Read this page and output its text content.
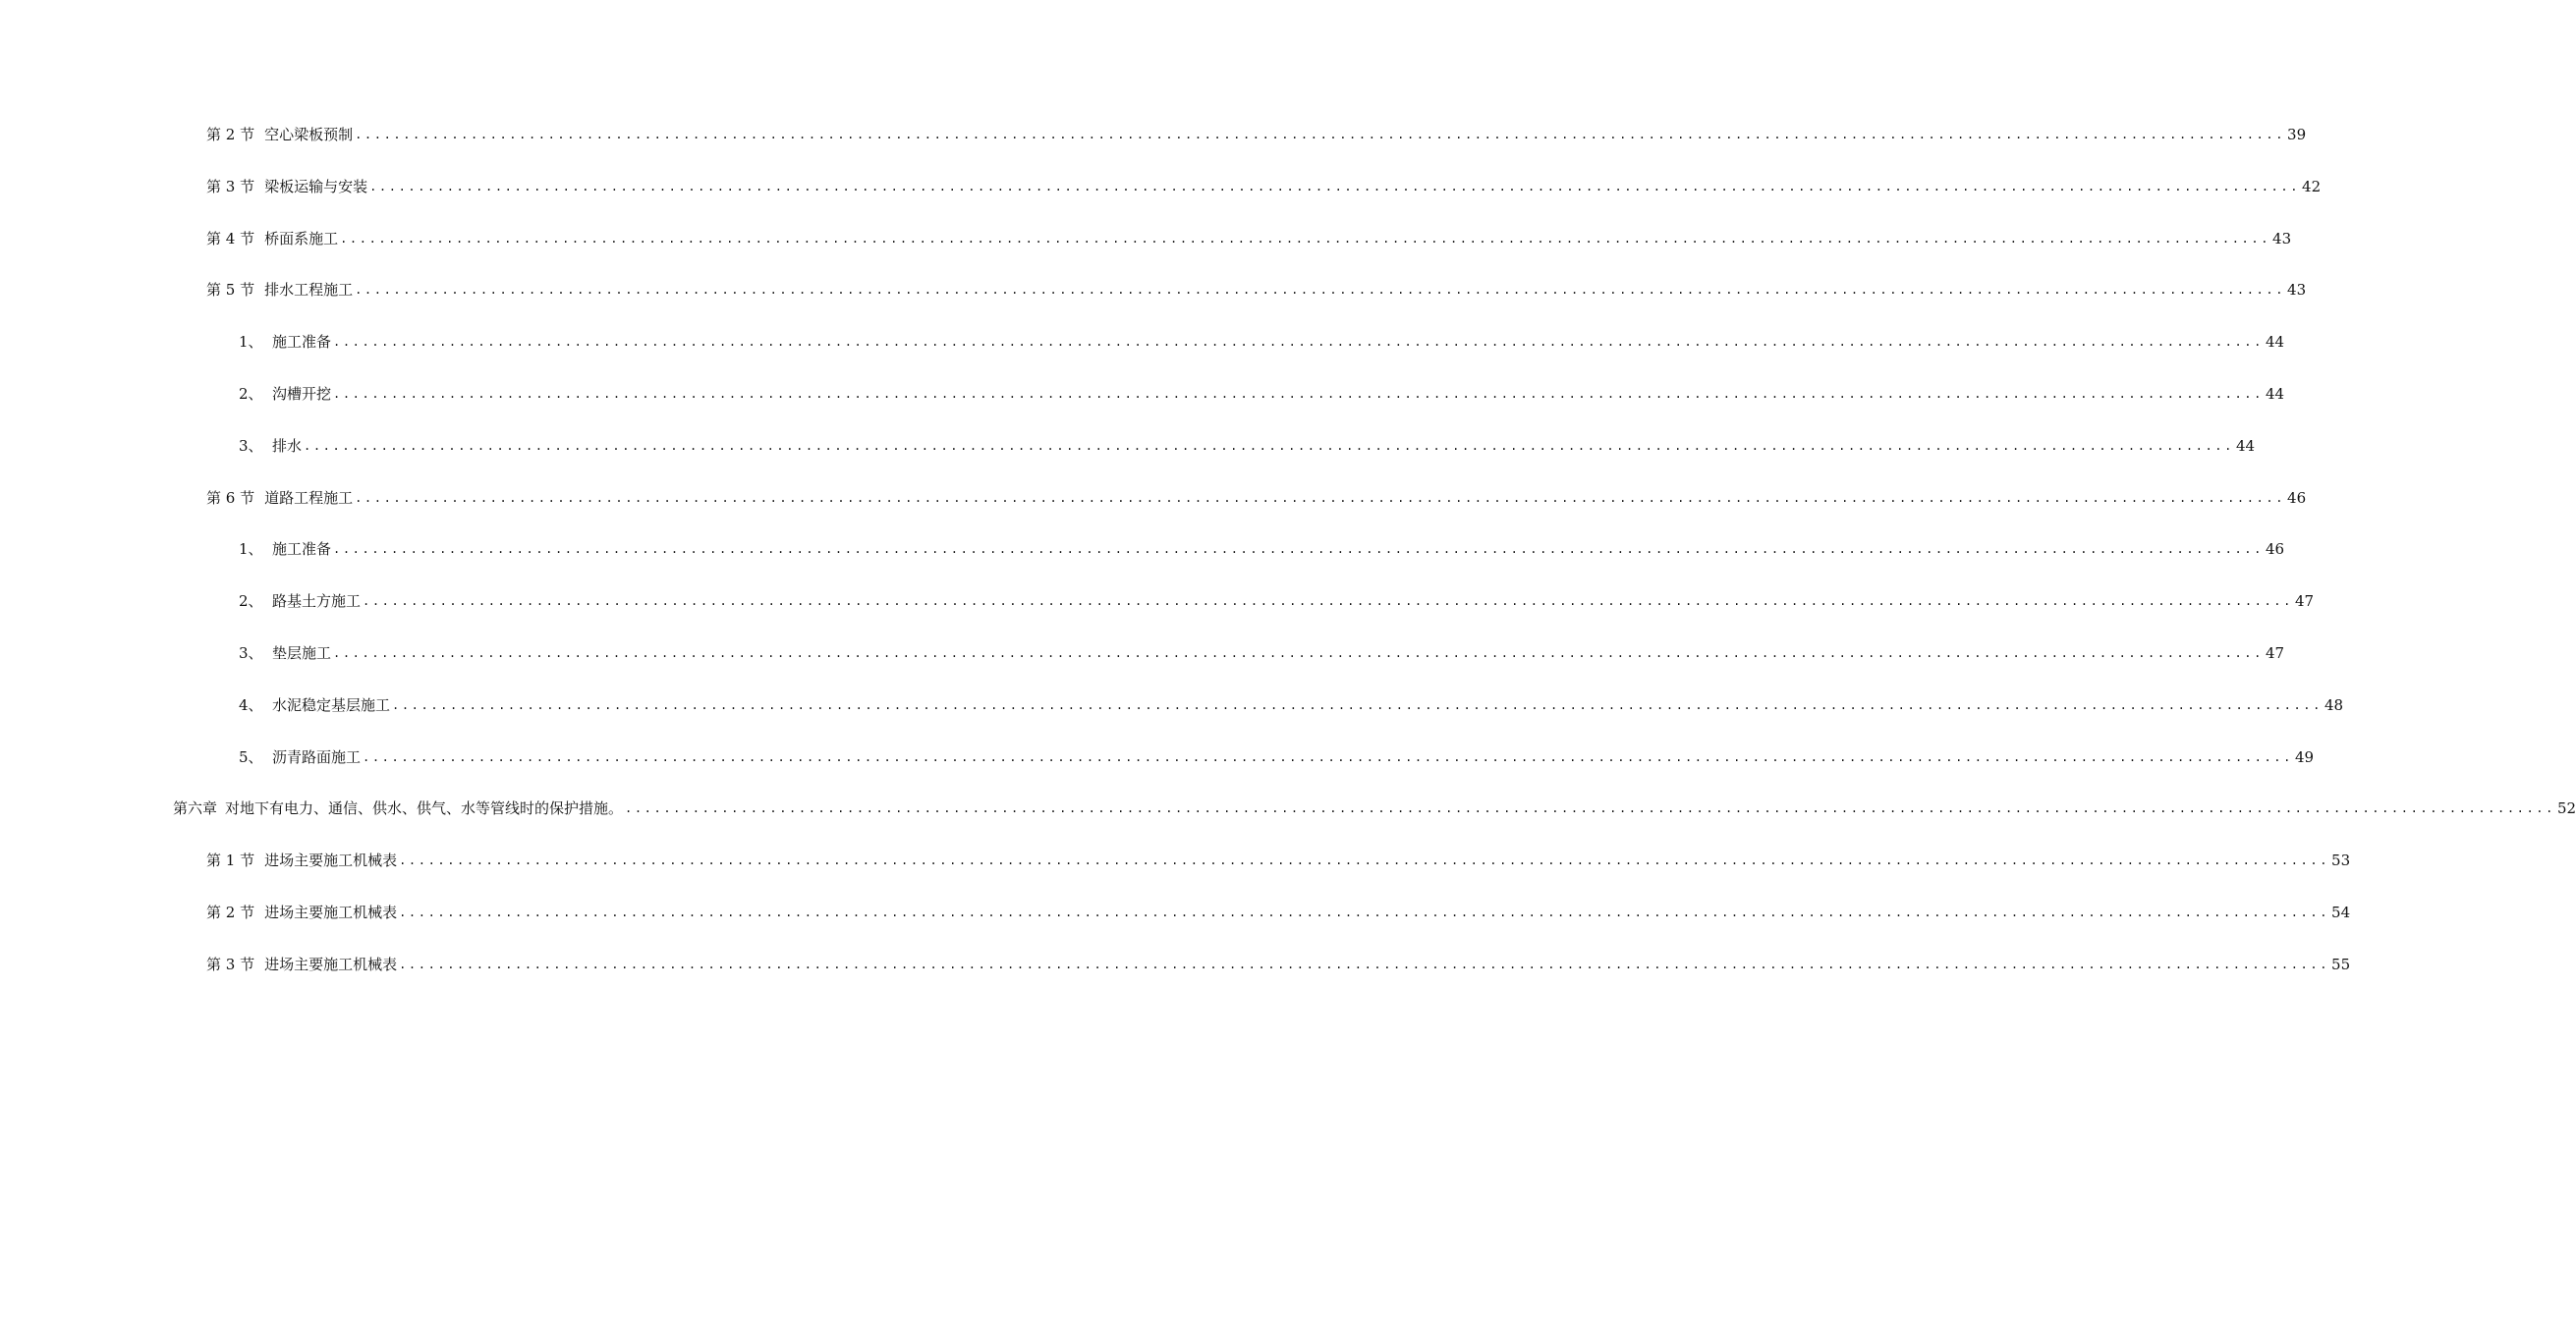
第 2 节 空心梁板预制 ........................................................................................................................................................................................................ 39
第 3 节 梁板运输与安装 ........................................................................................................................................................................................................ 42
第 4 节 桥面系施工 ........................................................................................................................................................................................................ 43
第 5 节 排水工程施工 ........................................................................................................................................................................................................ 43
1、 施工准备 ........................................................................................................................................................................................................ 44
2、 沟槽开挖 ........................................................................................................................................................................................................ 44
3、 排水 ........................................................................................................................................................................................................ 44
第 6 节 道路工程施工 ........................................................................................................................................................................................................ 46
1、 施工准备 ........................................................................................................................................................................................................ 46
2、 路基土方施工 ........................................................................................................................................................................................................ 47
3、 垫层施工 ........................................................................................................................................................................................................ 47
4、 水泥稳定基层施工 ........................................................................................................................................................................................................ 48
5、 沥青路面施工 ........................................................................................................................................................................................................ 49
第六章 对地下有电力、通信、供水、供气、水等管线时的保护措施。 ........................................................................................................................................................................................................ 52
第 1 节 进场主要施工机械表 ........................................................................................................................................................................................................ 53
第 2 节 进场主要施工机械表 ........................................................................................................................................................................................................ 54
第 3 节 进场主要施工机械表 ........................................................................................................................................................................................................ 55
